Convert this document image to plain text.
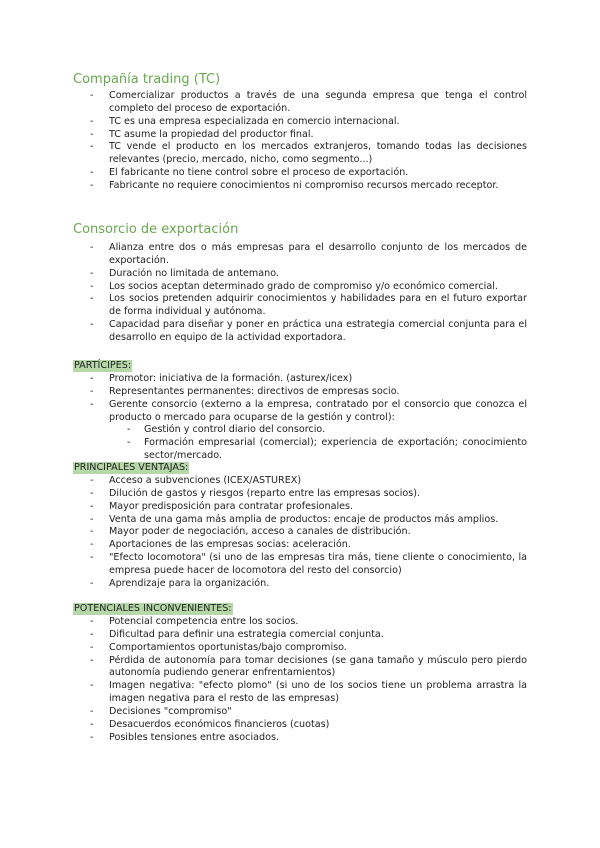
Compañía trading (TC)
- Comercializar productos a través de una segunda empresa que tenga el control completo del proceso de exportación.
- TC es una empresa especializada en comercio internacional.
- TC asume la propiedad del productor final.
- TC vende el producto en los mercados extranjeros, tomando todas las decisiones relevantes (precio, mercado, nicho, como segmento...)
- El fabricante no tiene control sobre el proceso de exportación.
- Fabricante no requiere conocimientos ni compromiso recursos mercado receptor.
Consorcio de exportación
- Alianza entre dos o más empresas para el desarrollo conjunto de los mercados de exportación.
- Duración no limitada de antemano.
- Los socios aceptan determinado grado de compromiso y/o económico comercial.
- Los socios pretenden adquirir conocimientos y habilidades para en el futuro exportar de forma individual y autónoma.
- Capacidad para diseñar y poner en práctica una estrategia comercial conjunta para el desarrollo en equipo de la actividad exportadora.
PARTÍCIPES:
- Promotor: iniciativa de la formación. (asturex/icex)
- Representantes permanentes: directivos de empresas socio.
- Gerente consorcio (externo a la empresa, contratado por el consorcio que conozca el producto o mercado para ocuparse de la gestión y control):
- Gestión y control diario del consorcio.
- Formación empresarial (comercial); experiencia de exportación; conocimiento sector/mercado.
PRINCIPALES VENTAJAS:
- Acceso a subvenciones (ICEX/ASTUREX)
- Dilución de gastos y riesgos (reparto entre las empresas socios).
- Mayor predisposición para contratar profesionales.
- Venta de una gama más amplia de productos: encaje de productos más amplios.
- Mayor poder de negociación, acceso a canales de distribución.
- Aportaciones de las empresas socias: aceleración.
- "Efecto locomotora" (si uno de las empresas tira más, tiene cliente o conocimiento, la empresa puede hacer de locomotora del resto del consorcio)
- Aprendizaje para la organización.
POTENCIALES INCONVENIENTES:
- Potencial competencia entre los socios.
- Dificultad para definir una estrategia comercial conjunta.
- Comportamientos oportunistas/bajo compromiso.
- Pérdida de autonomía para tomar decisiones (se gana tamaño y músculo pero pierdo autonomía pudiendo generar enfrentamientos)
- Imagen negativa: "efecto plomo" (si uno de los socios tiene un problema arrastra la imagen negativa para el resto de las empresas)
- Decisiones "compromiso"
- Desacuerdos económicos financieros (cuotas)
- Posibles tensiones entre asociados.
